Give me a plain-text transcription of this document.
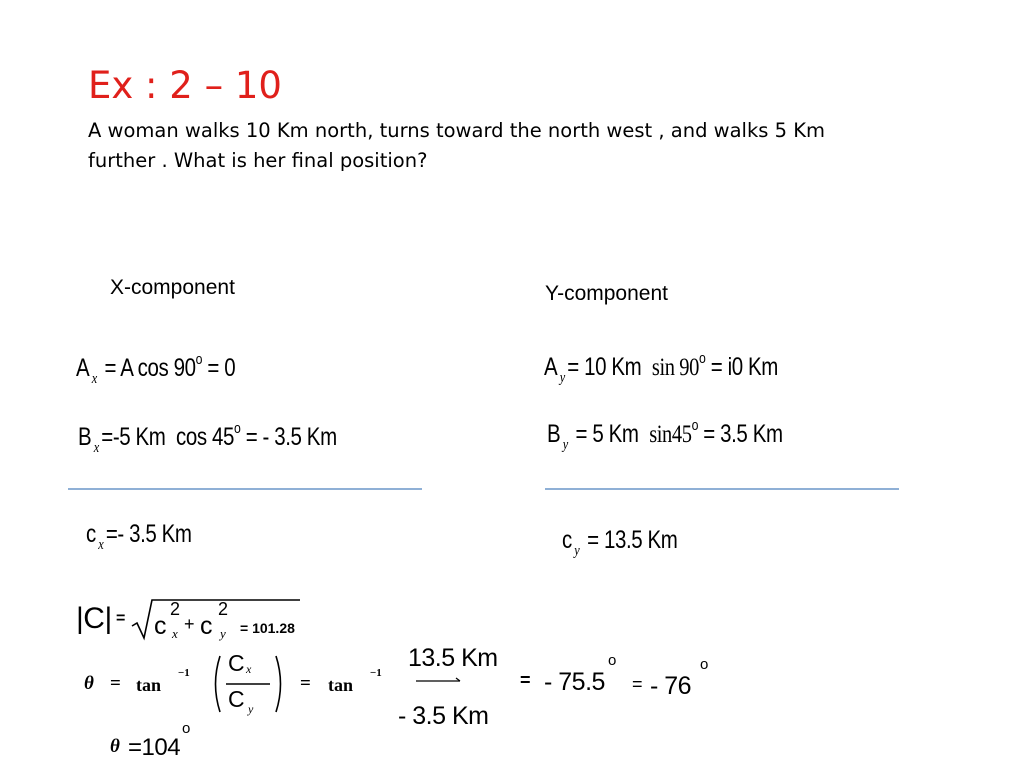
Ex : 2 – 10
A woman walks 10 Km north, turns toward the north west , and walks 5 Km further . What is her final position?
X-component
A $_x$ = A $\cos 90^o = 0$
B $_x$=-5 Km $\cos 45^o$ = - 3.5 Km
c $_x$=- 3.5 Km
Y-component
A $_y$= 10 Km $\sin 90^o = i0$ Km
B $_y$ = 5 Km $\sin 45^o = 3.5$ Km
c $_y$ = 13.5 Km
|C| = c
2
x + c
2
y = 101.28
θ = tan
−1 C x
C y
= tan
−1
13.5 Km
- 3.5 Km
= - 75.5
o
= - 76
o
θ =104
o
